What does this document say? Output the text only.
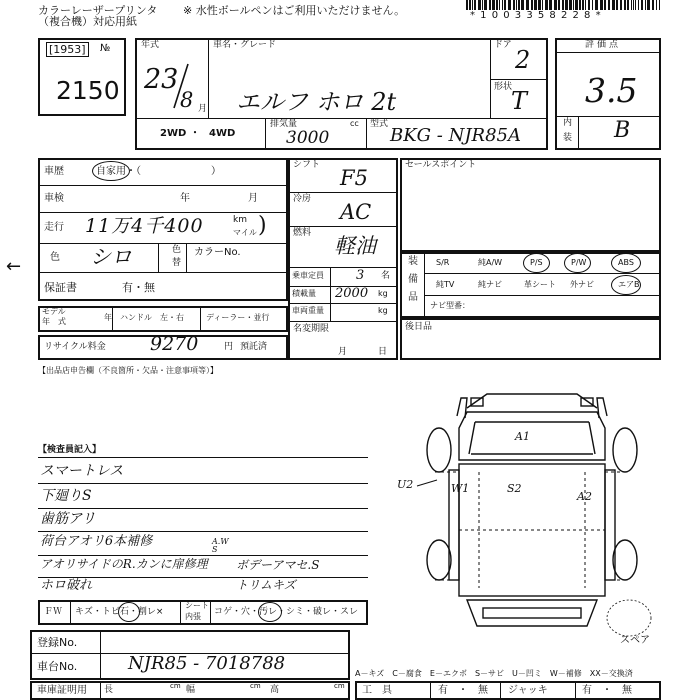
カラーレーザープリンタ
（複合機）対応用紙
※ 水性ボールペンはご利用いただけません。	* 1 0 0 3 3 5 8 2 2 8 *
[1953]	№
2150
年式
23
8 月
車名・グレード
エルフ ホロ 2t
ドア
2
形状
T
2WD ・ 4WD
排気量	cc
3000
型式
BKG - NJR85A
評価点
3.5
内
装 B
車歴	自家用・（　　　　　　　）
車検	年	月
走行 11万4千400	km
マイル )
色 シロ	色
替
カラーNo.
保証書	有・無
←
モデル
年　式	年 ハンドル　左・右	ディーラー・並行
リサイクル料金 9270	円 預託済
シフト
F5
冷房
AC
燃料
軽油
乗車定員 3 名
積載量 2000 kg
車両重量	kg
名変期限
月	日
セールスポイント
装
備
品
S/R	純A/W	P/S	P/W	ABS
純TV	純ナビ	革シート 外ナビ	エアB
ナビ型番：
後日品
【出品店申告欄（不良箇所・欠品・注意事項等）】
【検査員記入】
スマートレス
下廻りS
歯筋アリ
荷台アオリ6本補修
アオリサイドのR.カンに扉修理
A.W
S
ボデーアマセ.S
ホロ破れ	トリムキズ
A1
S2
W1
A2
U2
スペア
ＦＷ キズ・トビ石・割レ×
シート
内張 コゲ・穴・汚レ・シミ・破レ・スレ
登録No.
車台No.	NJR85 - 7018788
車庫証明用 長	cm 幅	cm 高	cm
A－キズ　C－腐食　E－エクボ　S－サビ　U－凹ミ　W－補修　XX－交換済
工　具	有　・　無 ジャッキ	有　・　無
